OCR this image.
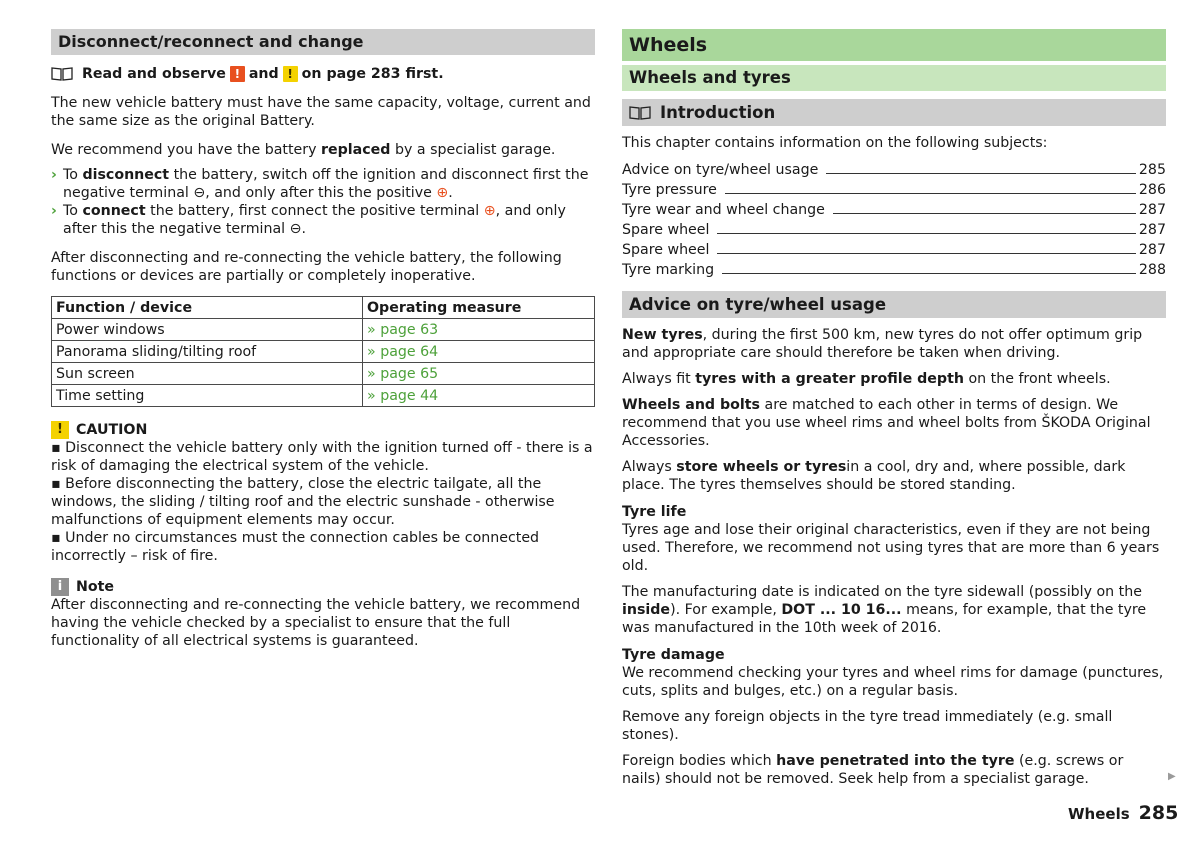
Disconnect/reconnect and change
Read and observe ! and ! on page 283 first.

The new vehicle battery must have the same capacity, voltage, current and the same size as the original Battery.

We recommend you have the battery replaced by a specialist garage.

› To disconnect the battery, switch off the ignition and disconnect first the negative terminal ⊖, and only after this the positive ⊕.
› To connect the battery, first connect the positive terminal ⊕, and only after this the negative terminal ⊖.

After disconnecting and re-connecting the vehicle battery, the following functions or devices are partially or completely inoperative.

Function / device	Operating measure
Power windows	» page 63
Panorama sliding/tilting roof	» page 64
Sun screen	» page 65
Time setting	» page 44
! CAUTION

▪ Disconnect the vehicle battery only with the ignition turned off - there is a risk of damaging the electrical system of the vehicle.

▪ Before disconnecting the battery, close the electric tailgate, all the windows, the sliding / tilting roof and the electric sunshade - otherwise malfunctions of equipment elements may occur.

▪ Under no circumstances must the connection cables be connected incorrectly – risk of fire.

i Note

After disconnecting and re-connecting the vehicle battery, we recommend having the vehicle checked by a specialist to ensure that the full functionality of all electrical systems is guaranteed.

Wheels
Wheels and tyres
Introduction

This chapter contains information on the following subjects:

Advice on tyre/wheel usage	285
Tyre pressure	286
Tyre wear and wheel change	287
Spare wheel	287
Spare wheel	287
Tyre marking	288
Advice on tyre/wheel usage

New tyres, during the first 500 km, new tyres do not offer optimum grip and appropriate care should therefore be taken when driving.

Always fit tyres with a greater profile depth on the front wheels.

Wheels and bolts are matched to each other in terms of design. We recommend that you use wheel rims and wheel bolts from ŠKODA Original Accessories.

Always store wheels or tyresin a cool, dry and, where possible, dark place. The tyres themselves should be stored standing.

Tyre life

Tyres age and lose their original characteristics, even if they are not being used. Therefore, we recommend not using tyres that are more than 6 years old.

The manufacturing date is indicated on the tyre sidewall (possibly on the inside). For example, DOT ... 10 16... means, for example, that the tyre was manufactured in the 10th week of 2016.

Tyre damage

We recommend checking your tyres and wheel rims for damage (punctures, cuts, splits and bulges, etc.) on a regular basis.

Remove any foreign objects in the tyre tread immediately (e.g. small stones).

Foreign bodies which have penetrated into the tyre (e.g. screws or nails) should not be removed. Seek help from a specialist garage.	▶
Wheels 285
